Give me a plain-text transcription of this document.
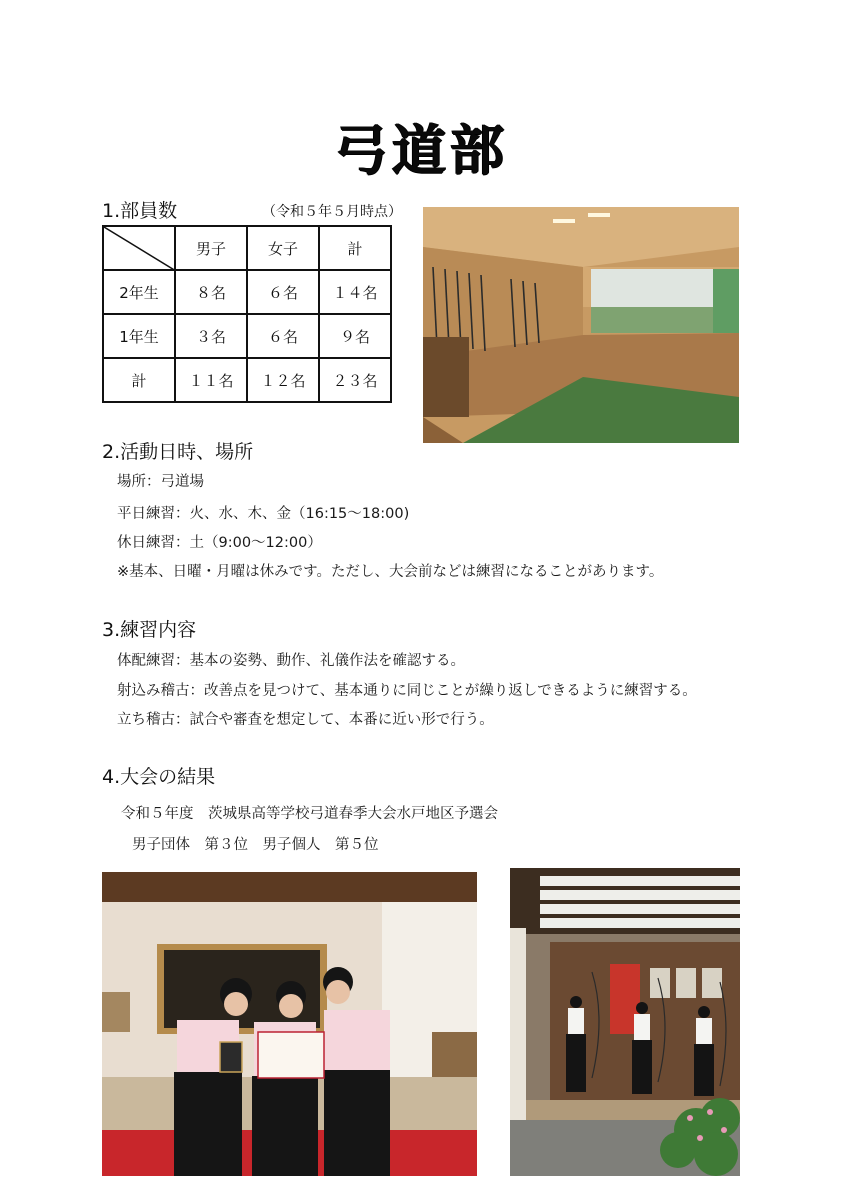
弓道部
1.部員数	（令和５年５月時点）
	男子	女子	計
2年生	８名	６名	１４名
1年生	３名	６名	９名
計	１１名	１２名	２３名
2.活動日時、場所
場所：弓道場
平日練習：火、水、木、金（16:15～18:00)
休日練習：土（9:00～12:00）
※基本、日曜・月曜は休みです。ただし、大会前などは練習になることがあります。
3.練習内容
体配練習：基本の姿勢、動作、礼儀作法を確認する。
射込み稽古：改善点を見つけて、基本通りに同じことが繰り返しできるように練習する。
立ち稽古：試合や審査を想定して、本番に近い形で行う。
4.大会の結果
令和５年度　茨城県高等学校弓道春季大会水戸地区予選会
男子団体　第３位　男子個人　第５位
